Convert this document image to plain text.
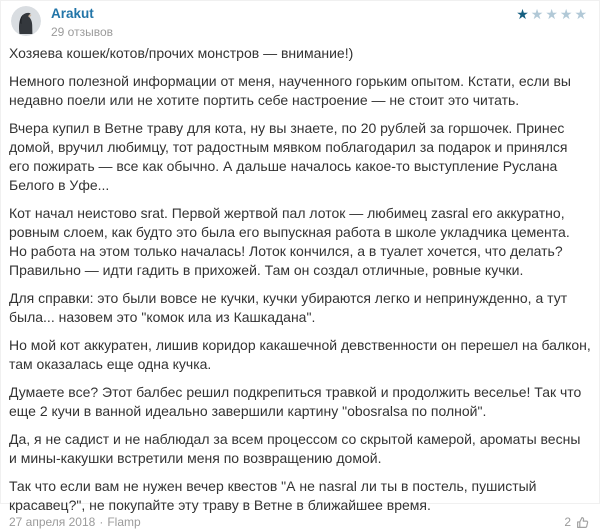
Arakut
29 отзывов
★★★★★
Хозяева кошек/котов/прочих монстров — внимание!)
Немного полезной информации от меня, наученного горьким опытом. Кстати, если вы недавно поели или не хотите портить себе настроение — не стоит это читать.
Вчера купил в Ветне траву для кота, ну вы знаете, по 20 рублей за горшочек. Принес домой, вручил любимцу, тот радостным мявком поблагодарил за подарок и принялся его пожирать — все как обычно. А дальше началось какое-то выступление Руслана Белого в Уфе...
Кот начал неистово srat. Первой жертвой пал лоток — любимец zasral его аккуратно, ровным слоем, как будто это была его выпускная работа в школе укладчика цемента. Но работа на этом только началась! Лоток кончился, а в туалет хочется, что делать? Правильно — идти гадить в прихожей. Там он создал отличные, ровные кучки.
Для справки: это были вовсе не кучки, кучки убираются легко и непринужденно, а тут была... назовем это "комок ила из Кашкадана".
Но мой кот аккуратен, лишив коридор какашечной девственности он перешел на балкон, там оказалась еще одна кучка.
Думаете все? Этот балбес решил подкрепиться травкой и продолжить веселье! Так что еще 2 кучи в ванной идеально завершили картину "obosralsa по полной".
Да, я не садист и не наблюдал за всем процессом со скрытой камерой, ароматы весны и мины-какушки встретили меня по возвращению домой.
Так что если вам не нужен вечер квестов "А не nasral ли ты в постель, пушистый красавец?", не покупайте эту траву в Ветне в ближайшее время.
27 апреля 2018 · Flamp	2
